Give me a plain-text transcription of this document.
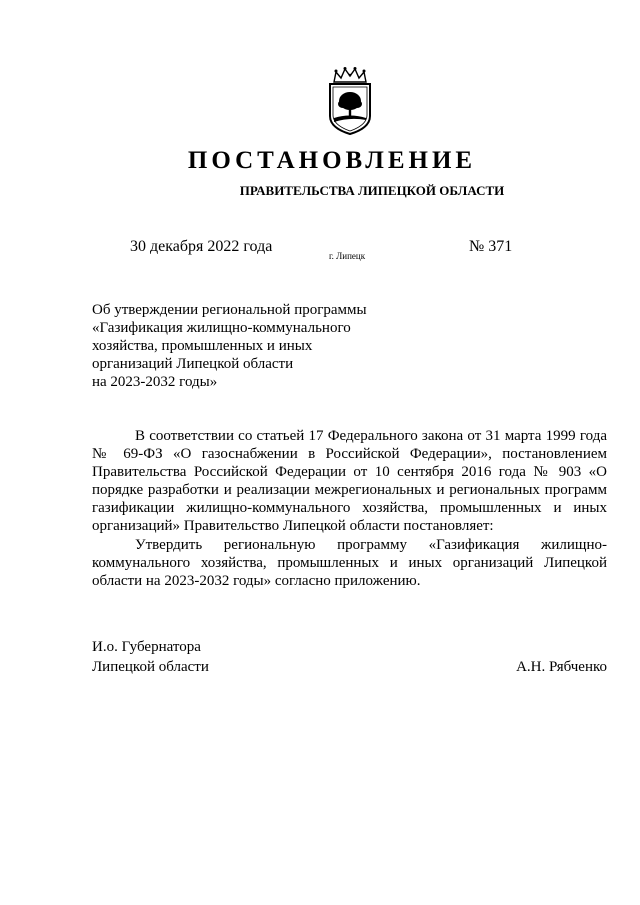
ПОСТАНОВЛЕНИЕ
ПРАВИТЕЛЬСТВА ЛИПЕЦКОЙ ОБЛАСТИ
30 декабря 2022 года
г. Липецк
№ 371
Об утверждении региональной программы
«Газификация жилищно-коммунального
хозяйства, промышленных и иных
организаций Липецкой области
на 2023-2032 годы»
В соответствии со статьей 17 Федерального закона от 31 марта 1999 года
№ 69-ФЗ «О газоснабжении в Российской Федерации», постановлением
Правительства Российской Федерации от 10 сентября 2016 года № 903 «О
порядке разработки и реализации межрегиональных и региональных программ
газификации жилищно-коммунального хозяйства, промышленных и иных
организаций» Правительство Липецкой области постановляет:
Утвердить региональную программу «Газификация жилищно-
коммунального хозяйства, промышленных и иных организаций Липецкой
области на 2023-2032 годы» согласно приложению.
И.о. Губернатора
Липецкой области	А.Н. Рябченко
